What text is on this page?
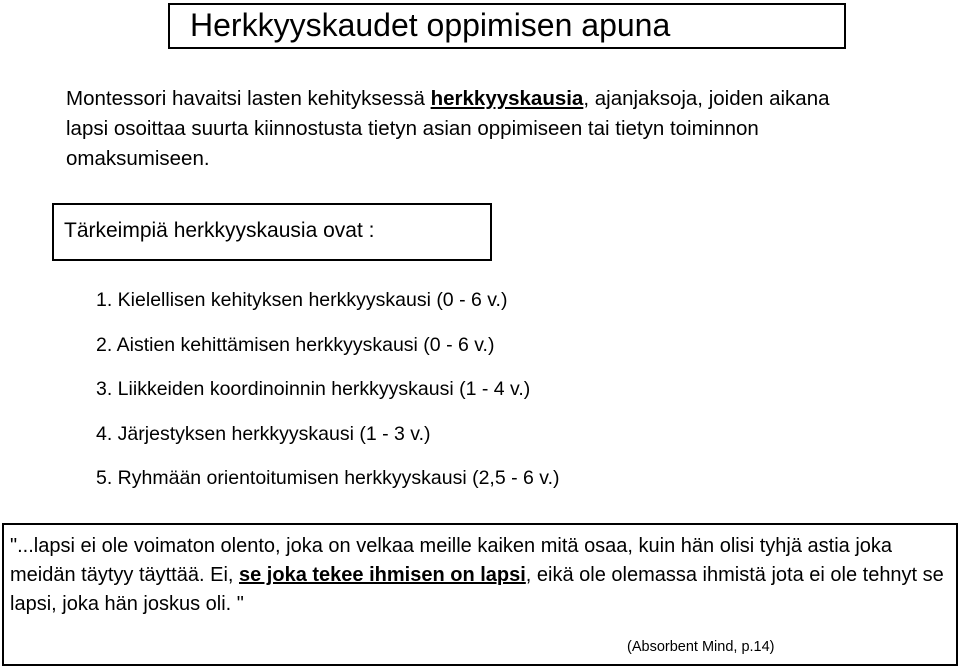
Herkkyyskaudet oppimisen apuna

Montessori havaitsi lasten kehityksessä herkkyyskausia, ajanjaksoja, joiden aikana lapsi osoittaa suurta kiinnostusta tietyn asian oppimiseen tai tietyn toiminnon omaksumiseen.

Tärkeimpiä herkkyyskausia ovat :
1. Kielellisen kehityksen herkkyyskausi (0 - 6 v.)
2. Aistien kehittämisen herkkyyskausi (0 - 6 v.)
3. Liikkeiden koordinoinnin herkkyyskausi (1 - 4 v.)
4. Järjestyksen herkkyyskausi (1 - 3 v.)
5. Ryhmään orientoitumisen herkkyyskausi (2,5 - 6 v.)

"...lapsi ei ole voimaton olento, joka on velkaa meille kaiken mitä osaa, kuin hän olisi tyhjä astia joka meidän täytyy täyttää. Ei, se joka tekee ihmisen on lapsi, eikä ole olemassa ihmistä jota ei ole tehnyt se lapsi, joka hän joskus oli. "

(Absorbent Mind, p.14)
